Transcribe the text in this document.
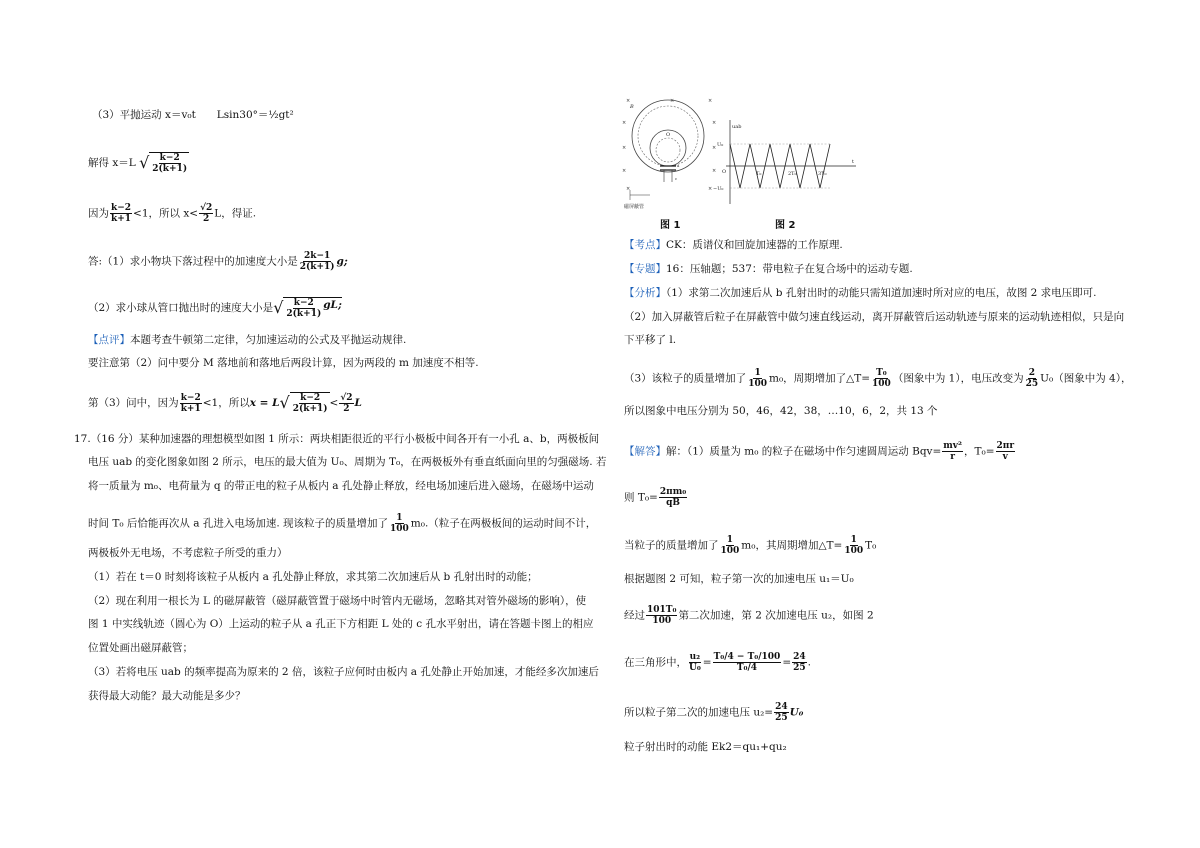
（3）平抛运动 x＝v₀t　　Lsin30°＝½gt²
解得 x＝L √ $\frac{k-2}{2(k+1)}$
因为 $\frac{k-2}{k+1} <1$，所以 $x< \frac{√2}{2}$ L，得证.
答:（1）求小物块下落过程中的加速度大小是 $\frac{2k-1}{2(k+1)} g$;
（2）求小球从管口抛出时的速度大小是 √ $\frac{k-2}{2(k+1)}$ gL;
【点评】本题考查牛顿第二定律，匀加速运动的公式及平抛运动规律.
要注意第（2）问中要分 M 落地前和落地后两段计算，因为两段的 m 加速度不相等.
第（3）问中，因为 $\frac{k-2}{k+1} <1$，所以x = L √ $\frac{k-2}{2(k+1)} < \frac{√2}{2}$ L
17.（16 分）某种加速器的理想模型如图 1 所示：两块相距很近的平行小极板中间各开有一小孔 a、b，两极板间
电压 uab 的变化图象如图 2 所示，电压的最大值为 U₀、周期为 T₀，在两极板外有垂直纸面向里的匀强磁场. 若
将一质量为 m₀、电荷量为 q 的带正电的粒子从板内 a 孔处静止释放，经电场加速后进入磁场，在磁场中运动
时间 T₀ 后恰能再次从 a 孔进入电场加速. 现该粒子的质量增加了 $\frac{1}{100} m_0$.（粒子在两极板间的运动时间不计，
两极板外无电场，不考虑粒子所受的重力）
（1）若在 t＝0 时刻将该粒子从板内 a 孔处静止释放，求其第二次加速后从 b 孔射出时的动能；
（2）现在利用一根长为 L 的磁屏蔽管（磁屏蔽管置于磁场中时管内无磁场，忽略其对管外磁场的影响），使
图 1 中实线轨迹（圆心为 O）上运动的粒子从 a 孔正下方相距 L 处的 c 孔水平射出，请在答题卡图上的相应
位置处画出磁屏蔽管；
（3）若将电压 uab 的频率提高为原来的 2 倍，该粒子应何时由板内 a 孔处静止开始加速，才能经多次加速后
获得最大动能？最大动能是多少？
×	×	×
×	×
×	×
×	×
×	×
O
B
a
c
磁屏蔽管
图 1
uab
U₀
−U₀
O
t
T₀	2T₀	3T₀
图 2
【考点】CK：质谱仪和回旋加速器的工作原理.
【专题】16：压轴题；537：带电粒子在复合场中的运动专题.
【分析】（1）求第二次加速后从 b 孔射出时的动能只需知道加速时所对应的电压，故图 2 求电压即可.
（2）加入屏蔽管后粒子在屏蔽管中做匀速直线运动，离开屏蔽管后运动轨迹与原来的运动轨迹相似，只是向
下平移了 l.
（3）该粒子的质量增加了 $\frac{1}{100} m_0$，周期增加了△T= $\frac{\text{T₀}}{100}$ （图象中为 1），电压改变为 $\frac{2}{25} U_0$（图象中为 4），
所以图象中电压分别为 50，46，42，38，…10，6，2，共 13 个
【解答】解：（1）质量为 m₀ 的粒子在磁场中作匀速圆周运动 $Bqv= \frac{\text{mv²}}{r}$ ，$T_0= \frac{2\pi r}{v}$
则 $T_0= \frac{\text{2πm₀}}{qB}$
当粒子的质量增加了 $\frac{1}{100} m_0$，其周期增加△T= $\frac{1}{100} T_0$
根据题图 2 可知，粒子第一次的加速电压 u₁＝U₀
经过 $\frac{\text{101T₀}}{100}$ 第二次加速，第 2 次加速电压 u₂，如图 2
在三角形中， $\frac{\text{u₂}}{\text{U₀}} = \frac{\text{T₀/4 − T₀/100}}{\text{T₀/4}} = \frac{24}{25}$ .
所以粒子第二次的加速电压 $u_2= \frac{24}{25} U_0$
粒子射出时的动能 Ek2＝qu₁+qu₂
